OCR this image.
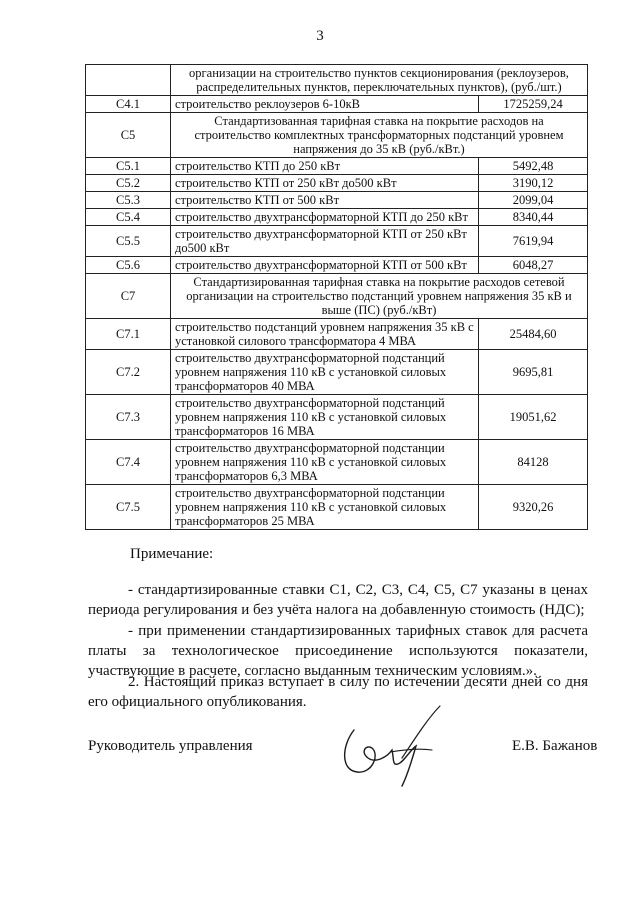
3
	организации на строительство пунктов секционирования (реклоузеров, распределительных пунктов, переключательных пунктов), (руб./шт.)	
C4.1	строительство реклоузеров 6-10кВ	1725259,24
C5	Стандартизованная тарифная ставка на покрытие расходов на строительство комплектных трансформаторных подстанций уровнем напряжения до 35 кВ (руб./кВт.)	
C5.1	строительство КТП до 250 кВт	5492,48
C5.2	строительство КТП от 250 кВт до500 кВт	3190,12
C5.3	строительство КТП от 500 кВт	2099,04
C5.4	строительство двухтрансформаторной КТП до 250 кВт	8340,44
C5.5	строительство двухтрансформаторной КТП от 250 кВт до500 кВт	7619,94
C5.6	строительство двухтрансформаторной КТП от 500 кВт	6048,27
C7	Стандартизированная тарифная ставка на покрытие расходов сетевой организации на строительство подстанций уровнем напряжения 35 кВ и выше (ПС) (руб./кВт)	
C7.1	строительство подстанций уровнем напряжения 35 кВ с установкой силового трансформатора 4 МВА	25484,60
C7.2	строительство двухтрансформаторной подстанций уровнем напряжения 110 кВ с установкой силовых трансформаторов 40 МВА	9695,81
C7.3	строительство двухтрансформаторной подстанций уровнем напряжения 110 кВ с установкой силовых трансформаторов 16 МВА	19051,62
C7.4	строительство двухтрансформаторной подстанции уровнем напряжения 110 кВ с установкой силовых трансформаторов 6,3 МВА	84128
C7.5	строительство двухтрансформаторной подстанции уровнем напряжения 110 кВ с установкой силовых трансформаторов 25 МВА	9320,26
Примечание:
- стандартизированные ставки С1, С2, С3, С4, С5, С7 указаны в ценах периода регулирования и без учёта налога на добавленную стоимость (НДС);
- при применении стандартизированных тарифных ставок для расчета платы за технологическое присоединение используются показатели, участвующие в расчете, согласно выданным техническим условиям.».
2. Настоящий приказ вступает в силу по истечении десяти дней со дня его официального опубликования.
Руководитель управления	Е.В. Бажанов
